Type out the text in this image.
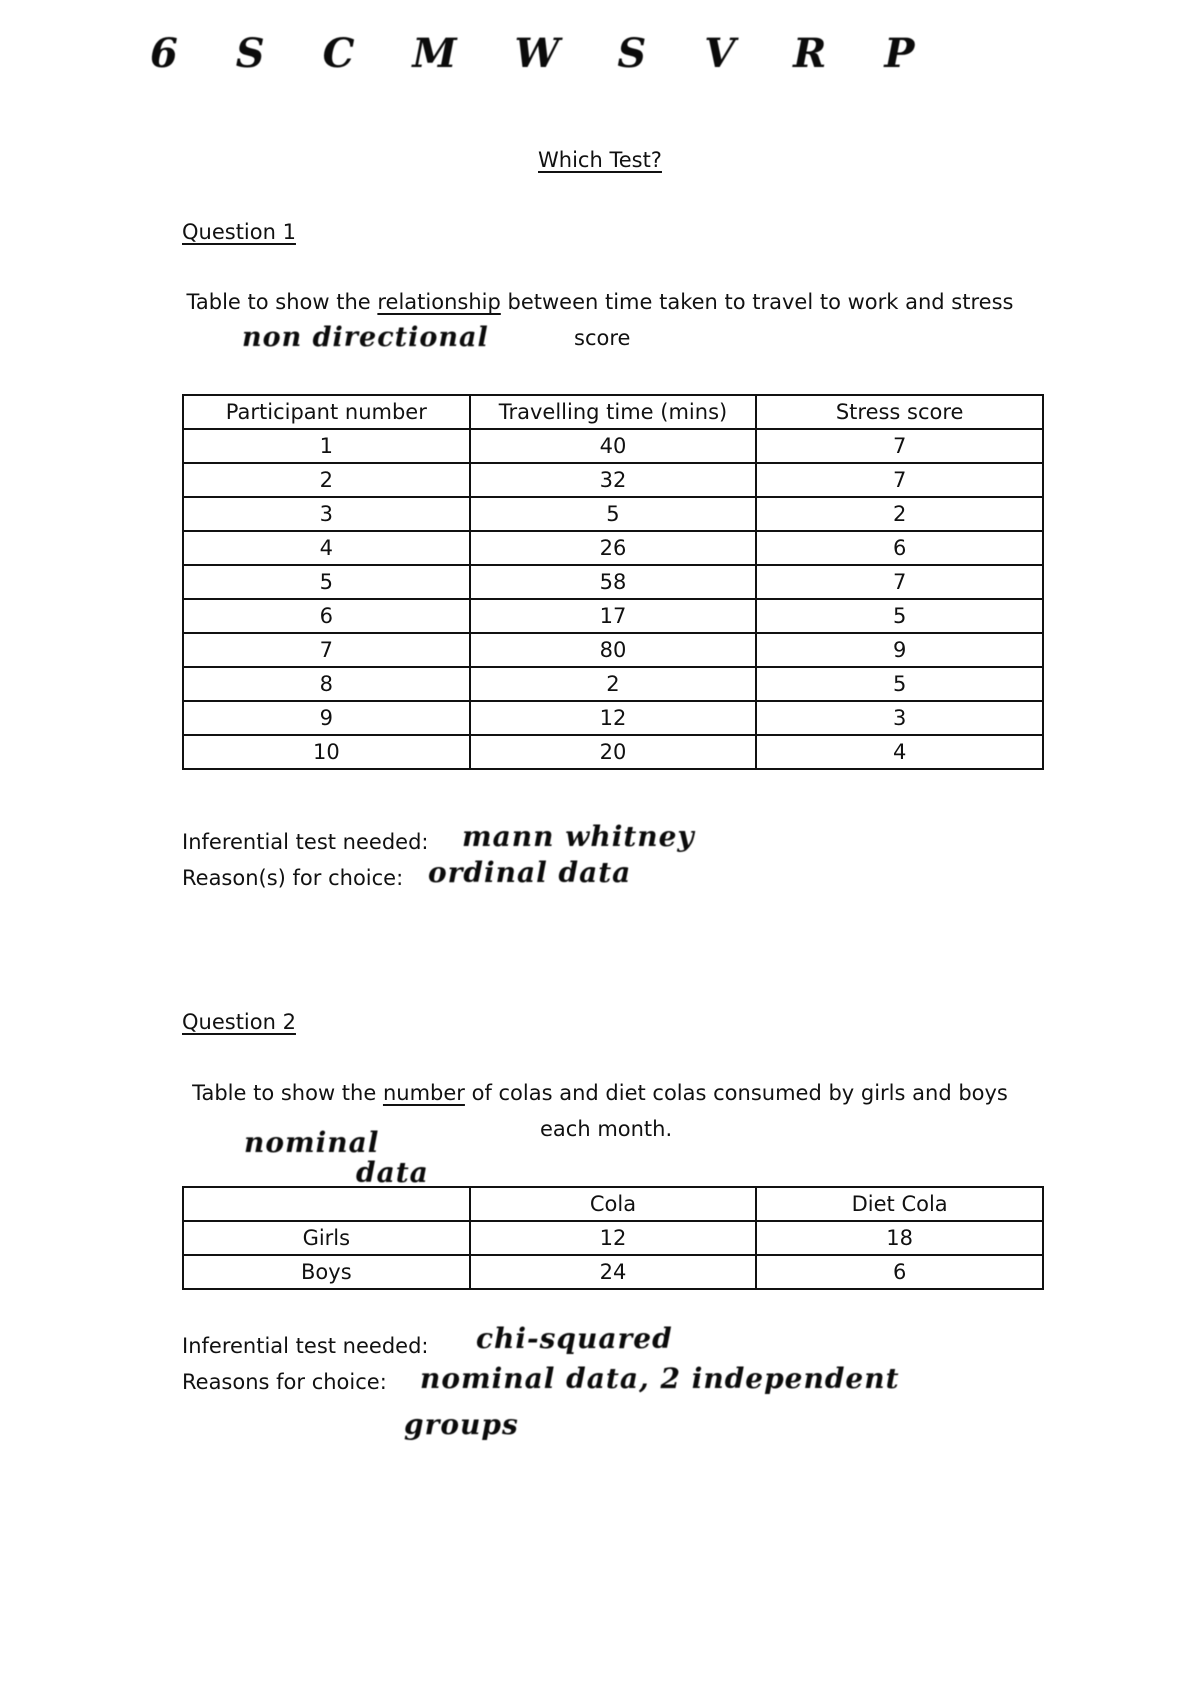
6 S C M W S V R P
Which Test?
Question 1
Table to show the relationship between time taken to travel to work and stress
non directional	score
Participant number	Travelling time (mins)	Stress score
1	40	7
2	32	7
3	5	2
4	26	6
5	58	7
6	17	5
7	80	9
8	2	5
9	12	3
10	20	4
Inferential test needed: mann whitney
Reason(s) for choice: ordinal data
Question 2
Table to show the number of colas and diet colas consumed by girls and boys
nominal
data
each month.
	Cola	Diet Cola
Girls	12	18
Boys	24	6
Inferential test needed: chi-squared
Reasons for choice: nominal data, 2 independent
groups
